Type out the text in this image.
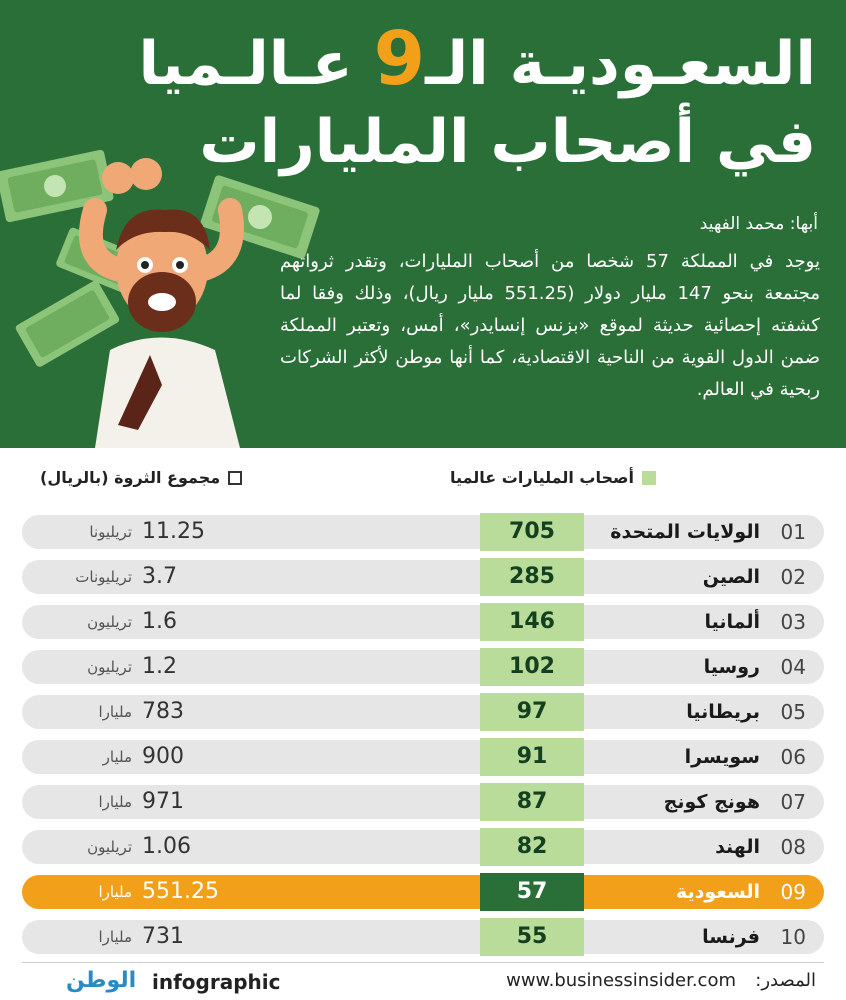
السعـوديـة الـ9 عـالـميا
في أصحاب المليارات
أبها: محمد الفهيد
يوجد في المملكة 57 شخصا من أصحاب المليارات، وتقدر ثرواتهم مجتمعة بنحو 147 مليار دولار (551.25 مليار ريال)، وذلك وفقا لما كشفته إحصائية حديثة لموقع «بزنس إنسايدر»، أمس، وتعتبر المملكة ضمن الدول القوية من الناحية الاقتصادية، كما أنها موطن لأكثر الشركات ربحية في العالم.
أصحاب المليارات عالميا
مجموع الثروة (بالريال)
01
الولايات المتحدة
705
11.25
تريليونا
02
الصين
285
3.7
تريليونات
03
ألمانيا
146
1.6
تريليون
04
روسيا
102
1.2
تريليون
05
بريطانيا
97
783
مليارا
06
سويسرا
91
900
مليار
07
هونج كونج
87
971
مليارا
08
الهند
82
1.06
تريليون
09
السعودية
57
551.25
مليارا
10
فرنسا
55
731
مليارا
الوطن infographic	المصدر:
www.businessinsider.com
